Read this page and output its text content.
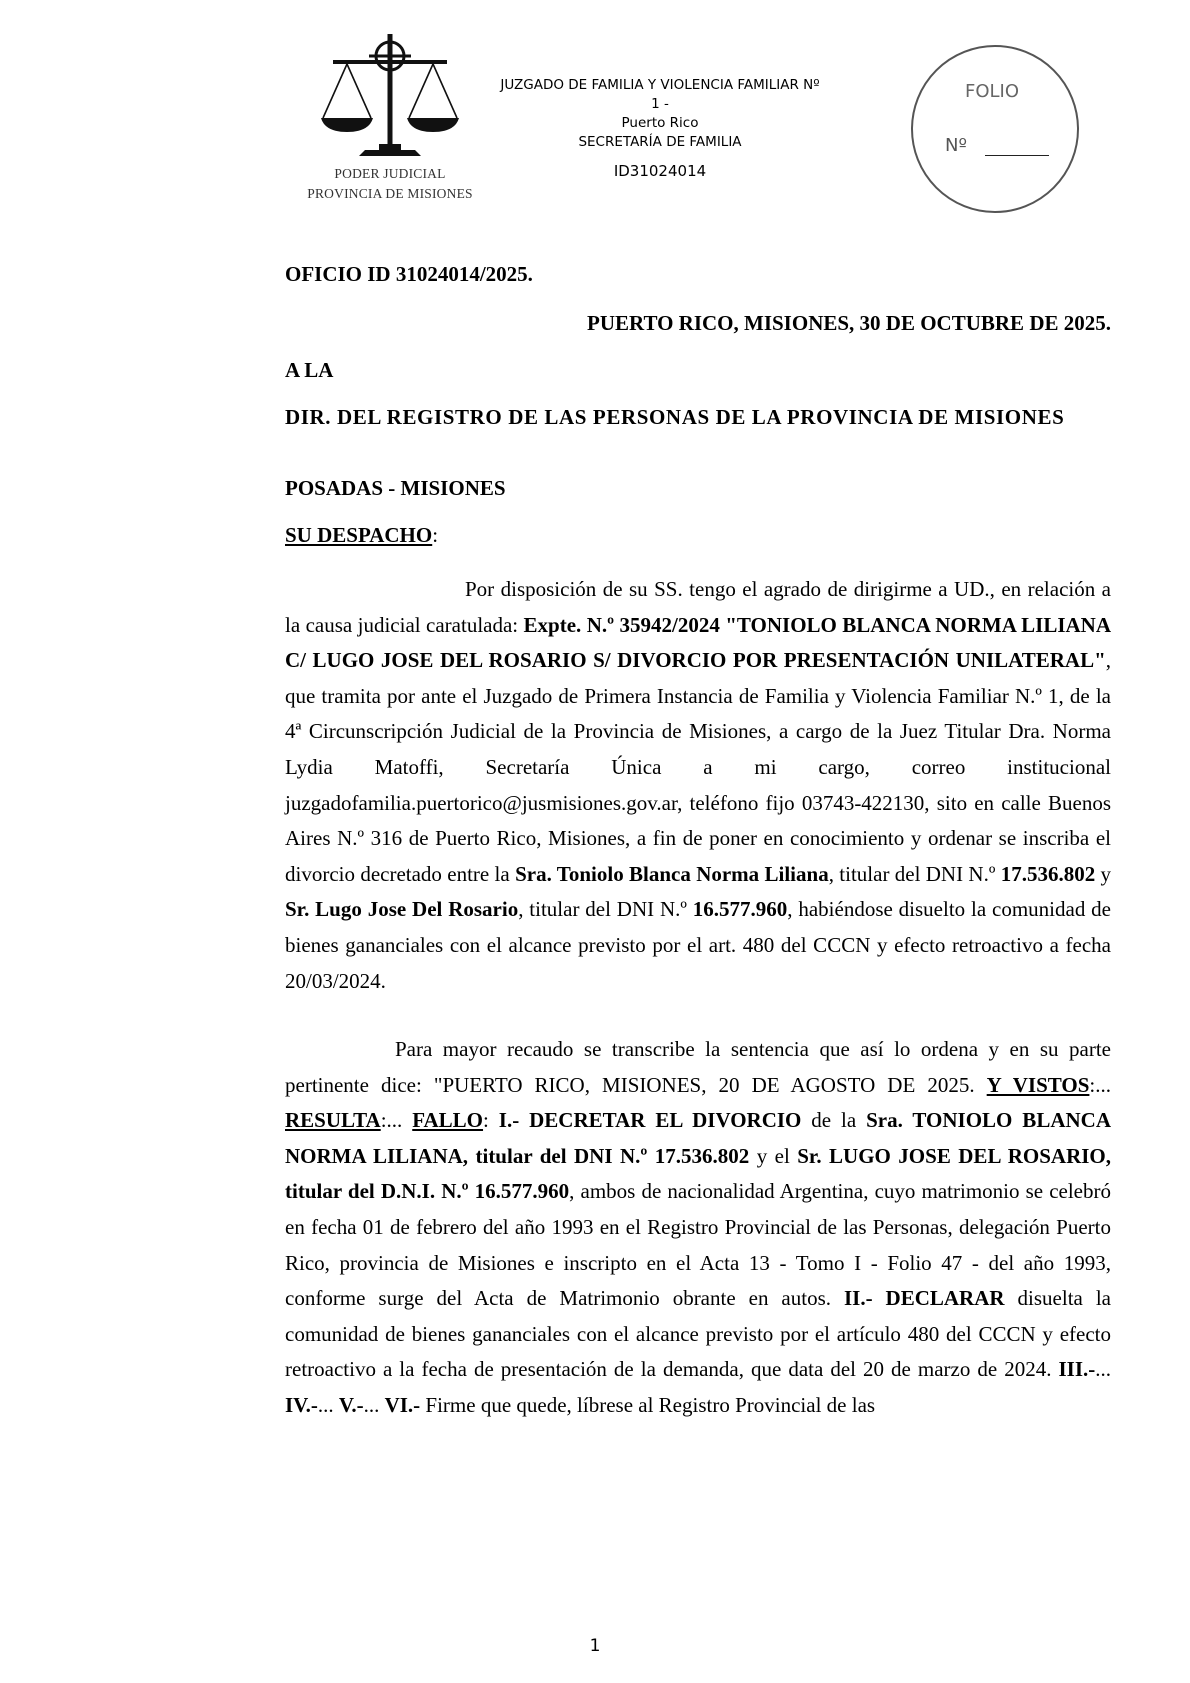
PODER JUDICIAL
PROVINCIA DE MISIONES
JUZGADO DE FAMILIA Y VIOLENCIA FAMILIAR Nº 1 -
Puerto Rico
SECRETARÍA DE FAMILIA
ID31024014
FOLIO
Nº
OFICIO ID 31024014/2025.
PUERTO RICO, MISIONES, 30 DE OCTUBRE DE 2025.
A LA
DIR. DEL REGISTRO DE LAS PERSONAS DE LA PROVINCIA DE MISIONES
POSADAS - MISIONES
SU DESPACHO:
Por disposición de su SS. tengo el agrado de dirigirme a UD., en relación a la causa judicial caratulada: Expte. N.º 35942/2024 "TONIOLO BLANCA NORMA LILIANA C/ LUGO JOSE DEL ROSARIO S/ DIVORCIO POR PRESENTACIÓN UNILATERAL", que tramita por ante el Juzgado de Primera Instancia de Familia y Violencia Familiar N.º 1, de la 4ª Circunscripción Judicial de la Provincia de Misiones, a cargo de la Juez Titular Dra. Norma Lydia Matoffi, Secretaría Única a mi cargo, correo institucional juzgadofamilia.puertorico@jusmisiones.gov.ar, teléfono fijo 03743-422130, sito en calle Buenos Aires N.º 316 de Puerto Rico, Misiones, a fin de poner en conocimiento y ordenar se inscriba el divorcio decretado entre la Sra. Toniolo Blanca Norma Liliana, titular del DNI N.º 17.536.802 y Sr. Lugo Jose Del Rosario, titular del DNI N.º 16.577.960, habiéndose disuelto la comunidad de bienes gananciales con el alcance previsto por el art. 480 del CCCN y efecto retroactivo a fecha 20/03/2024.
Para mayor recaudo se transcribe la sentencia que así lo ordena y en su parte pertinente dice: "PUERTO RICO, MISIONES, 20 DE AGOSTO DE 2025. Y VISTOS:... RESULTA:... FALLO: I.- DECRETAR EL DIVORCIO de la Sra. TONIOLO BLANCA NORMA LILIANA, titular del DNI N.º 17.536.802 y el Sr. LUGO JOSE DEL ROSARIO, titular del D.N.I. N.º 16.577.960, ambos de nacionalidad Argentina, cuyo matrimonio se celebró en fecha 01 de febrero del año 1993 en el Registro Provincial de las Personas, delegación Puerto Rico, provincia de Misiones e inscripto en el Acta 13 - Tomo I - Folio 47 - del año 1993, conforme surge del Acta de Matrimonio obrante en autos. II.- DECLARAR disuelta la comunidad de bienes gananciales con el alcance previsto por el artículo 480 del CCCN y efecto retroactivo a la fecha de presentación de la demanda, que data del 20 de marzo de 2024. III.-... IV.-... V.-... VI.- Firme que quede, líbrese al Registro Provincial de las
1
